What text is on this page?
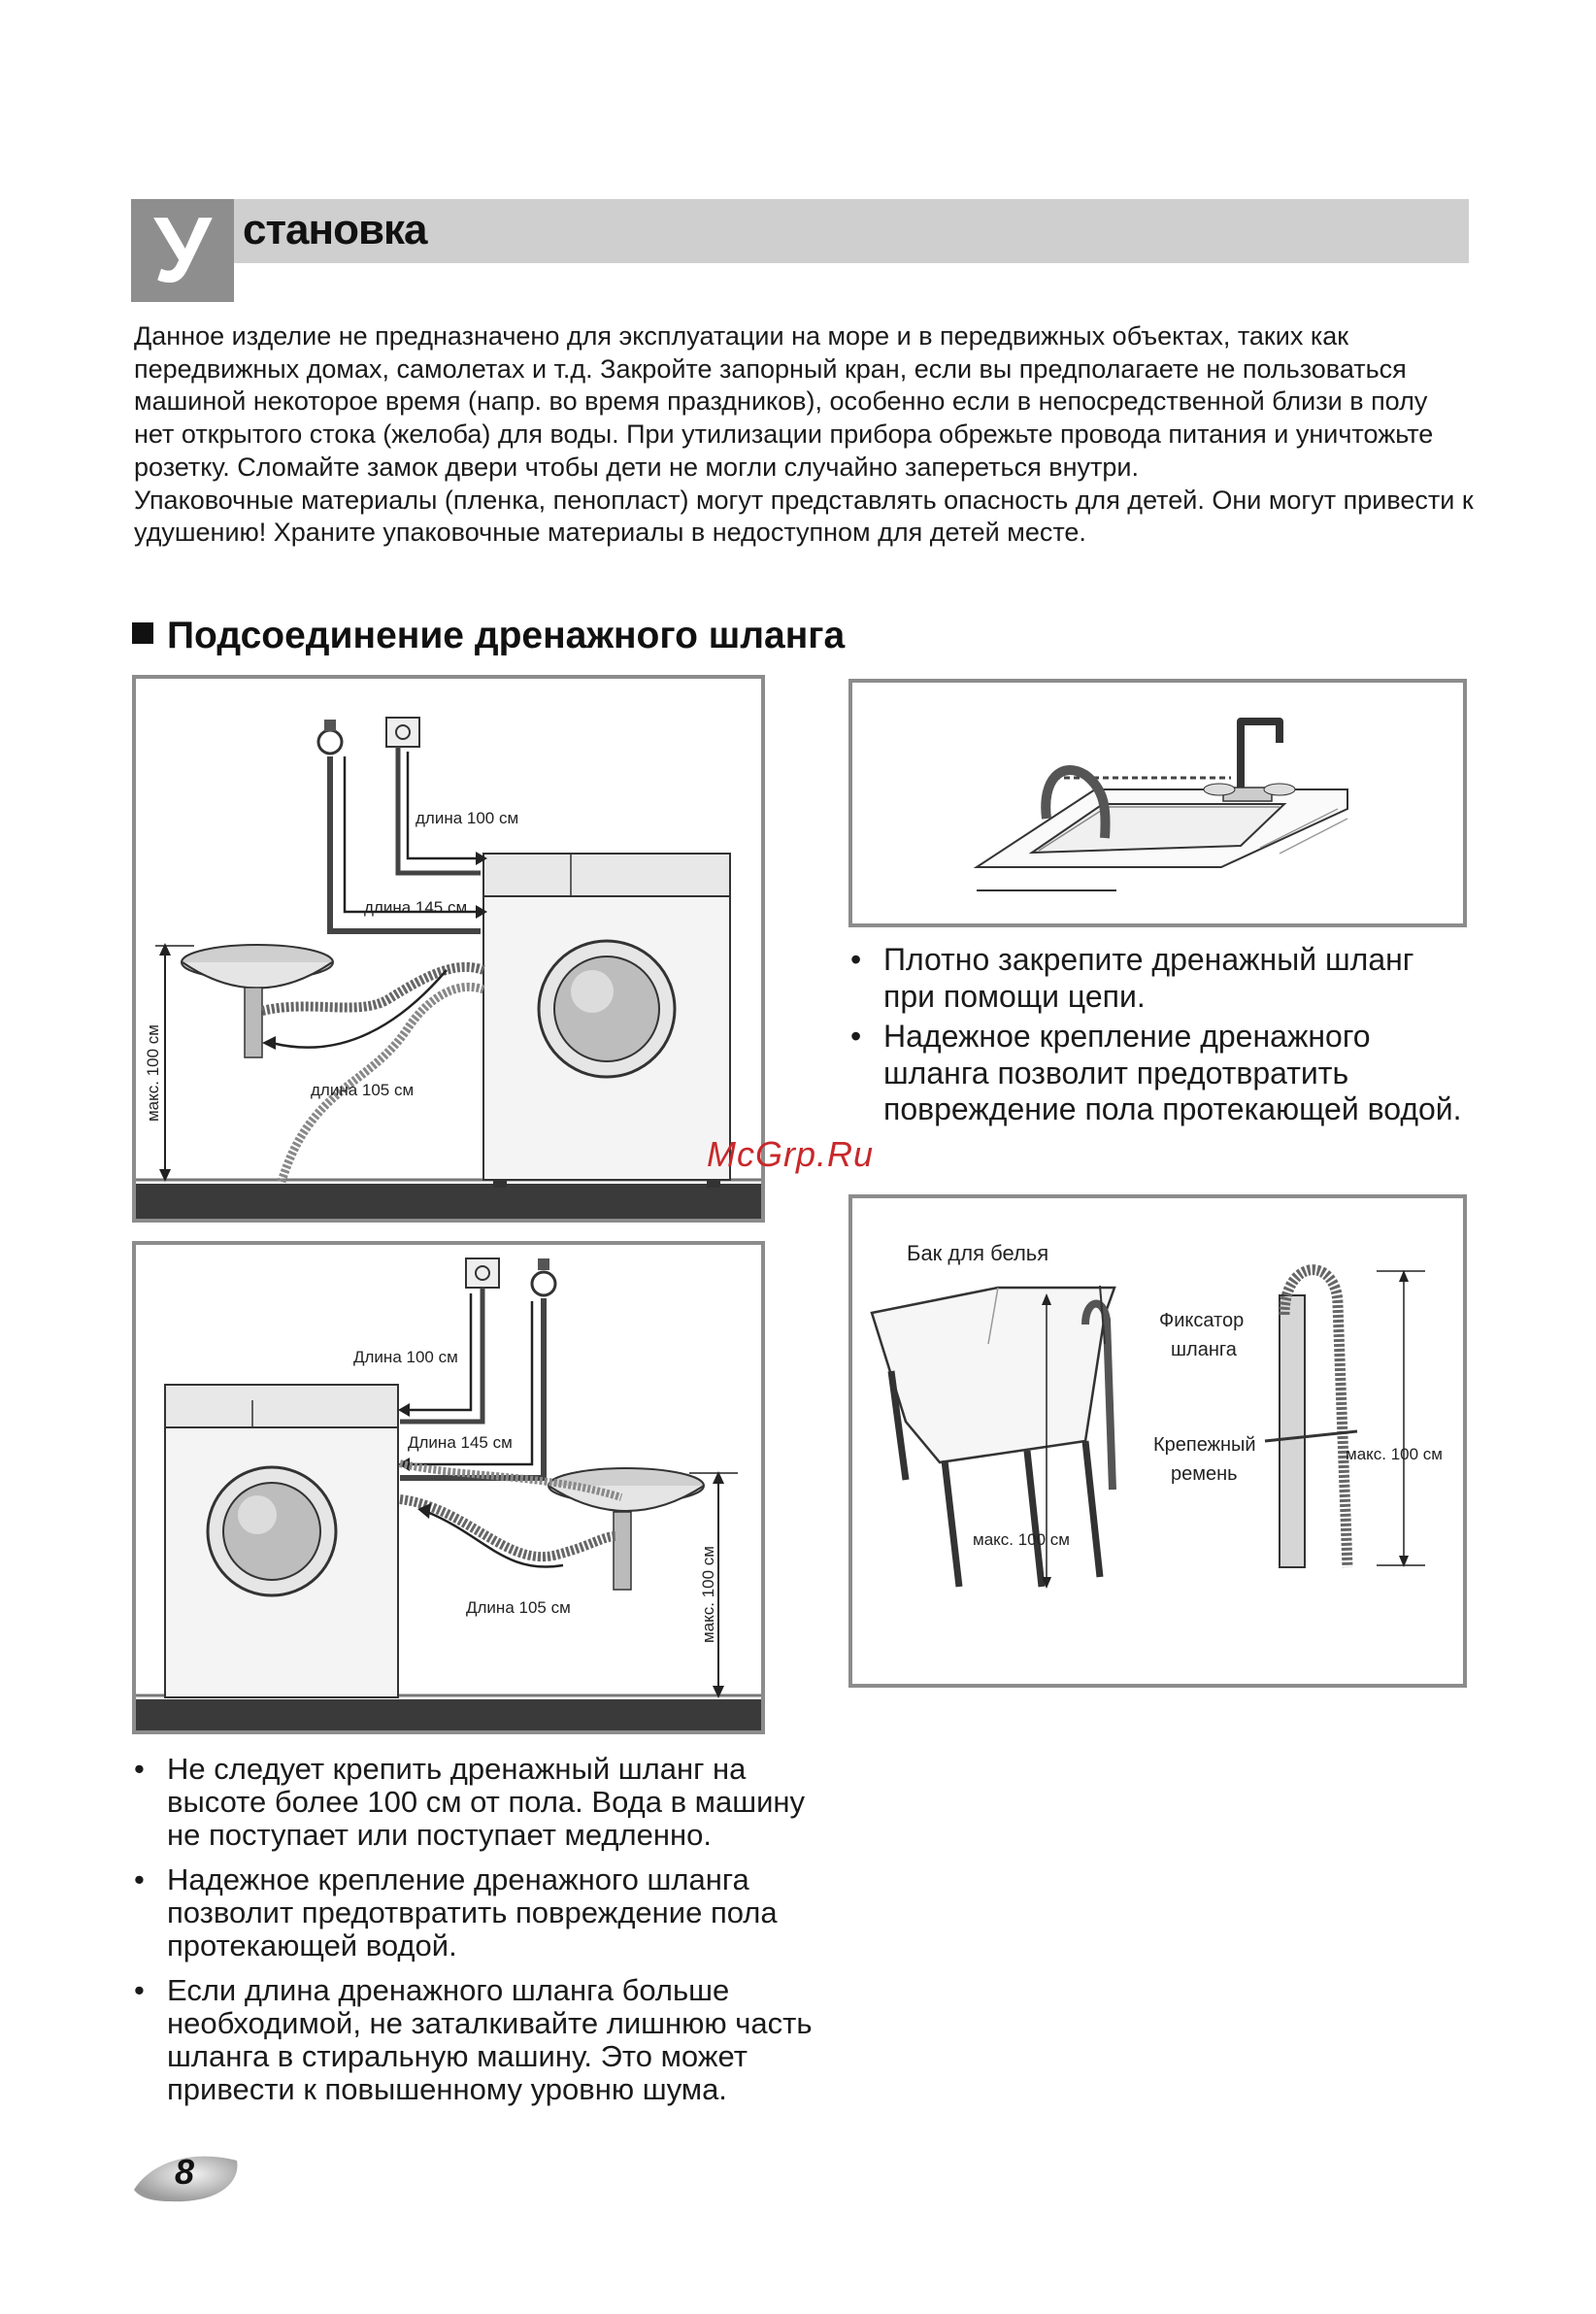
У становка

Данное изделие не предназначено для эксплуатации на море и в передвижных объектах, таких как передвижных домах, самолетах и т.д. Закройте запорный кран, если вы предполагаете не пользоваться машиной некоторое время (напр. во время праздников), особенно если в непосредственной близи в полу нет открытого стока (желоба) для воды. При утилизации прибора обрежьте провода питания и уничтожьте розетку. Сломайте замок двери чтобы дети не могли случайно запереться внутри.

Упаковочные материалы (пленка, пенопласт) могут представлять опасность для детей. Они могут привести к удушению! Храните упаковочные материалы в недоступном для детей месте.

Подсоединение дренажного шланга
длина 100 см
длина 145 см
длина 105 см
макс. 100 см
• Плотно закрепите дренажный шланг при помощи цепи.
• Надежное крепление дренажного шланга позволит предотвратить повреждение пола протекающей водой.
McGrp.Ru
Длина 100 см
Длина 145 см
Длина 105 см	макс. 100 см
Бак для белья
Фиксатор
шланга
Крепежный
ремень
макс. 100 см
макс. 100 см
• Не следует крепить дренажный шланг на высоте более 100 см от пола. Вода в машину не поступает или поступает медленно.
• Надежное крепление дренажного шланга позволит предотвратить повреждение пола протекающей водой.
• Если длина дренажного шланга больше необходимой, не заталкивайте лишнюю часть шланга в стиральную машину. Это может привести к повышенному уровню шума.
8
